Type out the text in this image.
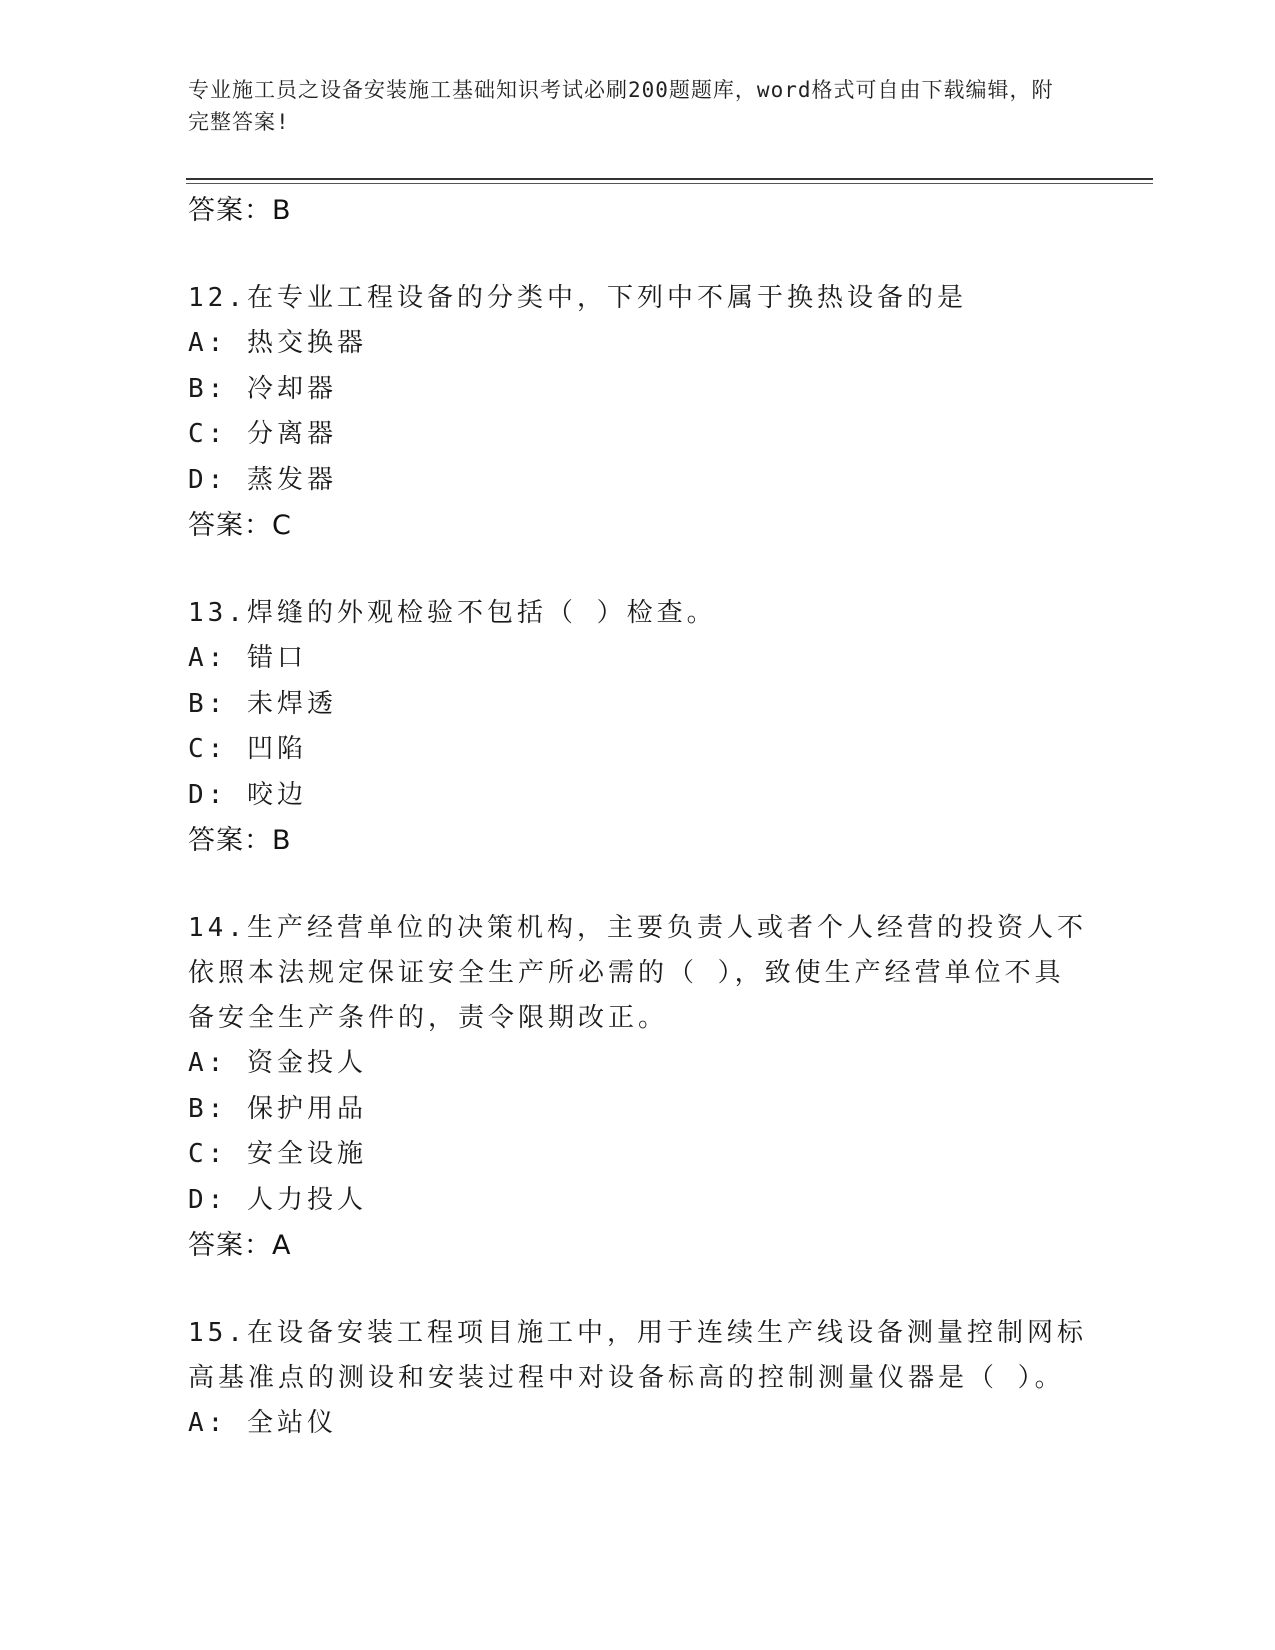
专业施工员之设备安装施工基础知识考试必刷200题题库，word格式可自由下载编辑，附完整答案!
答案：B
12.在专业工程设备的分类中，下列中不属于换热设备的是
A: 热交换器
B: 冷却器
C: 分离器
D: 蒸发器
答案：C
13.焊缝的外观检验不包括（ ）检查。
A: 错口
B: 未焊透
C: 凹陷
D: 咬边
答案：B
14.生产经营单位的决策机构，主要负责人或者个人经营的投资人不依照本法规定保证安全生产所必需的（ ），致使生产经营单位不具备安全生产条件的，责令限期改正。
A: 资金投人
B: 保护用品
C: 安全设施
D: 人力投人
答案：A
15.在设备安装工程项目施工中，用于连续生产线设备测量控制网标高基准点的测设和安装过程中对设备标高的控制测量仪器是（ ）。
A: 全站仪
